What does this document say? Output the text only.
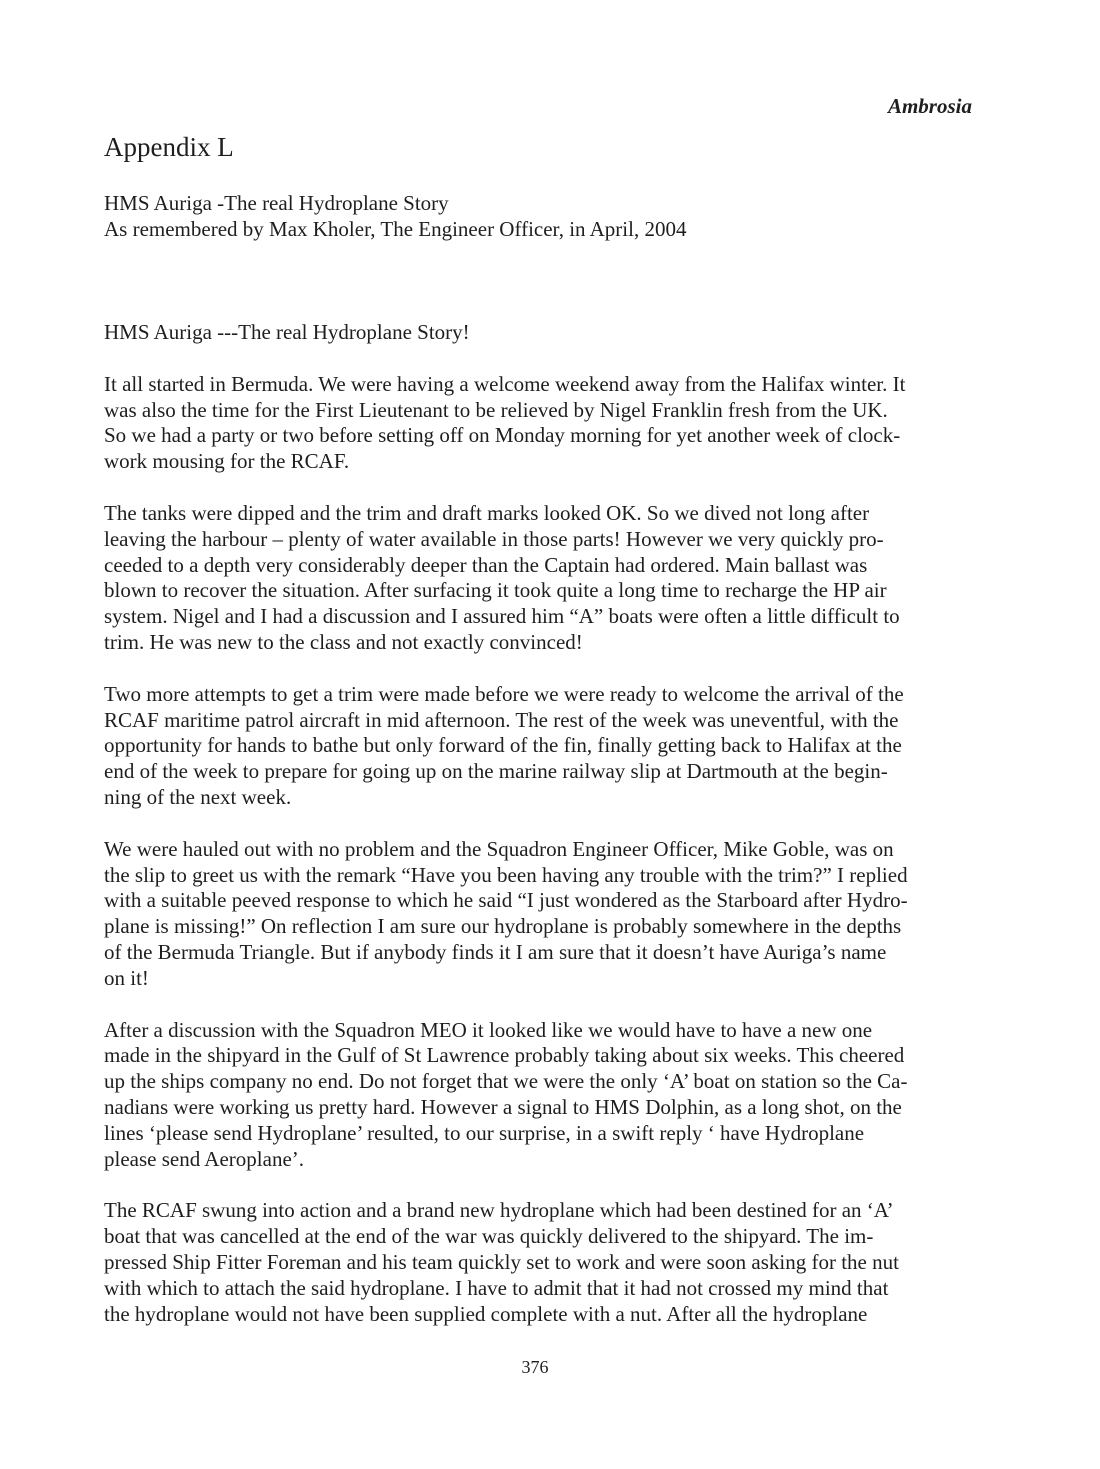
Ambrosia

Appendix L
HMS Auriga -The real Hydroplane Story
As remembered by Max Kholer, The Engineer Officer, in April, 2004

HMS Auriga ---The real Hydroplane Story!

It all started in Bermuda. We were having a welcome weekend away from the Halifax winter. It
was also the time for the First Lieutenant to be relieved by Nigel Franklin fresh from the UK.
So we had a party or two before setting off on Monday morning for yet another week of clock-
work mousing for the RCAF.

The tanks were dipped and the trim and draft marks looked OK. So we dived not long after
leaving the harbour – plenty of water available in those parts! However we very quickly pro-
ceeded to a depth very considerably deeper than the Captain had ordered. Main ballast was
blown to recover the situation. After surfacing it took quite a long time to recharge the HP air
system. Nigel and I had a discussion and I assured him “A” boats were often a little difficult to
trim. He was new to the class and not exactly convinced!

Two more attempts to get a trim were made before we were ready to welcome the arrival of the
RCAF maritime patrol aircraft in mid afternoon. The rest of the week was uneventful, with the
opportunity for hands to bathe but only forward of the fin, finally getting back to Halifax at the
end of the week to prepare for going up on the marine railway slip at Dartmouth at the begin-
ning of the next week.

We were hauled out with no problem and the Squadron Engineer Officer, Mike Goble, was on
the slip to greet us with the remark “Have you been having any trouble with the trim?” I replied
with a suitable peeved response to which he said “I just wondered as the Starboard after Hydro-
plane is missing!” On reflection I am sure our hydroplane is probably somewhere in the depths
of the Bermuda Triangle. But if anybody finds it I am sure that it doesn’t have Auriga’s name
on it!

After a discussion with the Squadron MEO it looked like we would have to have a new one
made in the shipyard in the Gulf of St Lawrence probably taking about six weeks. This cheered
up the ships company no end. Do not forget that we were the only ‘A’ boat on station so the Ca-
nadians were working us pretty hard. However a signal to HMS Dolphin, as a long shot, on the
lines ‘please send Hydroplane’ resulted, to our surprise, in a swift reply ‘ have Hydroplane
please send Aeroplane’.

The RCAF swung into action and a brand new hydroplane which had been destined for an ‘A’
boat that was cancelled at the end of the war was quickly delivered to the shipyard. The im-
pressed Ship Fitter Foreman and his team quickly set to work and were soon asking for the nut
with which to attach the said hydroplane. I have to admit that it had not crossed my mind that
the hydroplane would not have been supplied complete with a nut. After all the hydroplane

376
